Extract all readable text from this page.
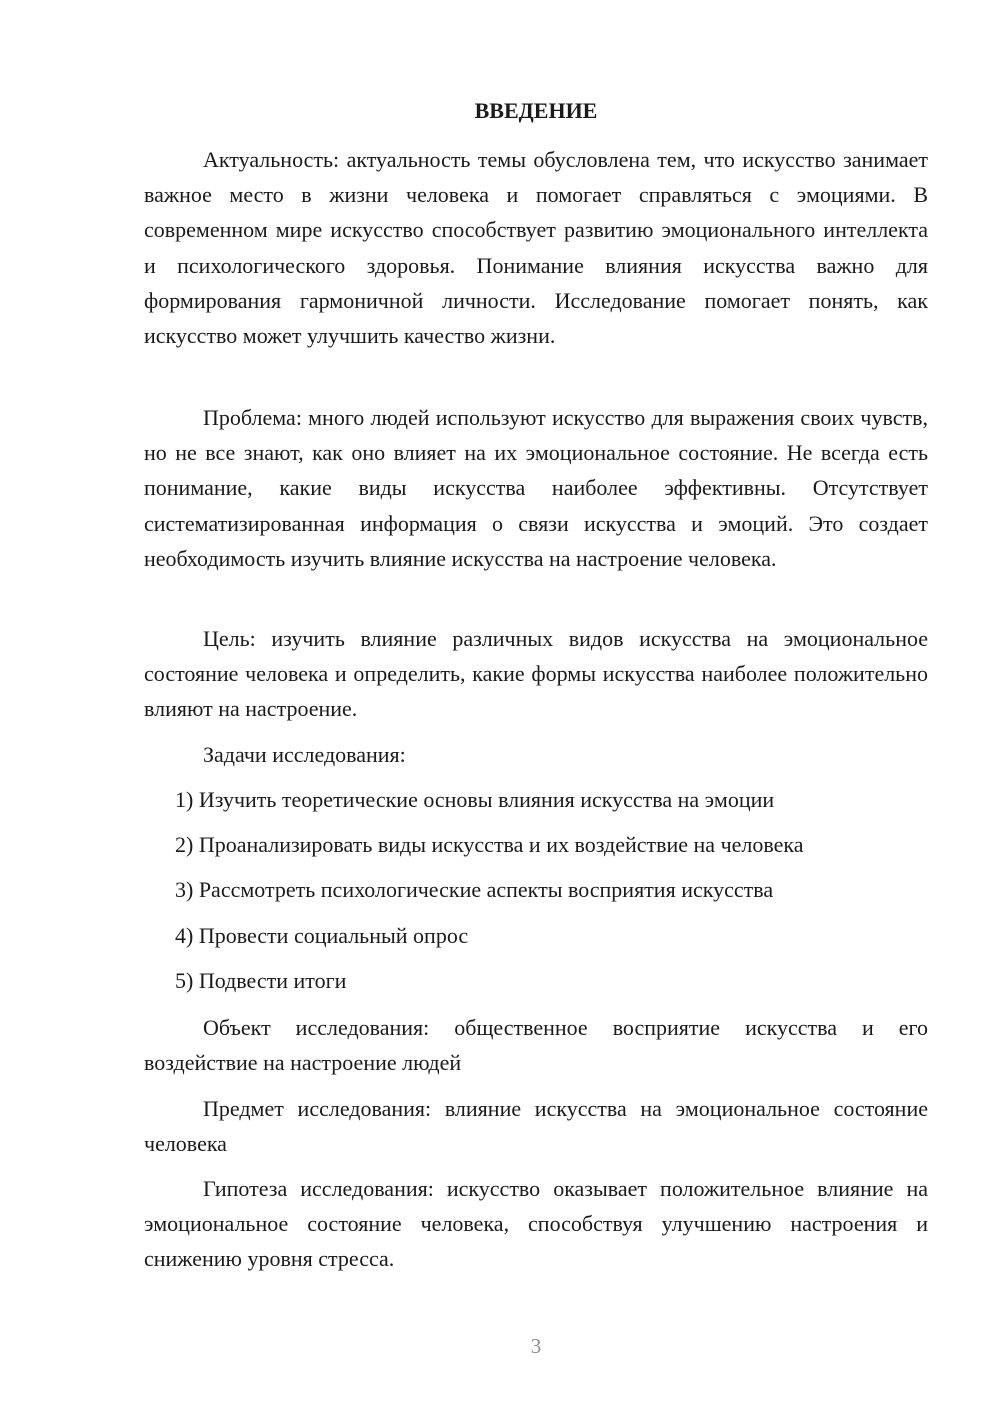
ВВЕДЕНИЕ

Актуальность: актуальность темы обусловлена тем, что искусство занимает важное место в жизни человека и помогает справляться с эмоциями. В современном мире искусство способствует развитию эмоционального интеллекта и психологического здоровья. Понимание влияния искусства важно для формирования гармоничной личности. Исследование помогает понять, как искусство может улучшить качество жизни.

Проблема: много людей используют искусство для выражения своих чувств, но не все знают, как оно влияет на их эмоциональное состояние. Не всегда есть понимание, какие виды искусства наиболее эффективны. Отсутствует систематизированная информация о связи искусства и эмоций. Это создает необходимость изучить влияние искусства на настроение человека.

Цель: изучить влияние различных видов искусства на эмоциональное состояние человека и определить, какие формы искусства наиболее положительно влияют на настроение.

Задачи исследования:
1) Изучить теоретические основы влияния искусства на эмоции
2) Проанализировать виды искусства и их воздействие на человека
3) Рассмотреть психологические аспекты восприятия искусства
4) Провести социальный опрос
5) Подвести итоги

Объект исследования: общественное восприятие искусства и его воздействие на настроение людей

Предмет исследования: влияние искусства на эмоциональное состояние человека

Гипотеза исследования: искусство оказывает положительное влияние на эмоциональное состояние человека, способствуя улучшению настроения и снижению уровня стресса.

3
